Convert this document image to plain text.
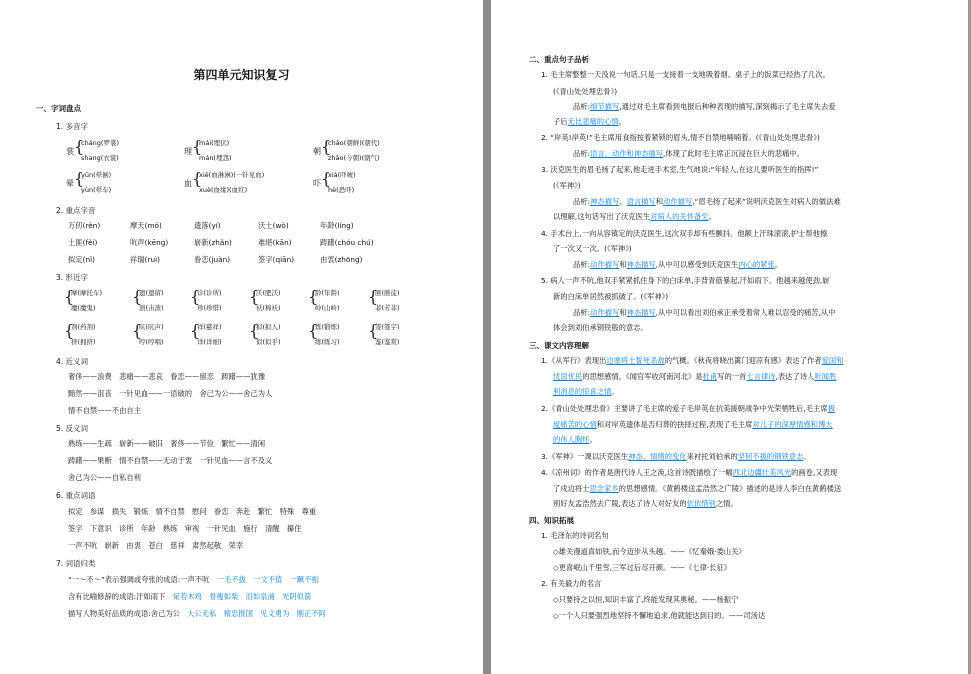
第四单元知识复习
一、字词盘点
1. 多音字
裳 {
cháng(罗裳)
shang(衣裳)
理 {
mái(埋伏)
mán(埋怨)
朝 {
cháo(朝鲜)(朝代)
zhāo(今朝)(朝气)
晕 {
yūn(晕倒)
yùn(晕车)
血 {
xiě(血淋淋)(一针见血)
xuè(血缘)(血红)
吓 {
xià(吓唬)
hè(恐吓)
2. 重点字音
万仞(rèn)	摩天(mó)	遗落(yí)	沃土(wò)	年龄(líng)
土匪(fěi)	吭声(kēng)	崭新(zhǎn)	难堪(kān)	踌躇(chóu chú)
拟定(nǐ)	祥瑞(ruì)	眷恋(juàn)	签字(qiān)	由衷(zhōng)
3. 形近字
{
摩(摩托车)
魔(魔鬼)
{
遗(遗留)
溃(击溃)
{
诊(诊所)
珍(珍惜)
{
沃(肥沃)
袄(棉袄)
{
龄(年龄)
岭(山岭)
{
匪(匪徒)
菲(芳菲)
{
剂(药剂)
挤(拥挤)
{
吭(吭声)
哼(哼唱)
{
祥(慈祥)
详(详细)
{
拟(拟人)
似(似乎)
{
炼(锻炼)
练(练习)
{
签(签字)
鉴(鉴赏)
4. 近义词
奢侈——浪费　悲痛——悲哀　眷恋——留恋　踌躇——犹豫
黯然——沮丧　一针见血——一语破的　舍己为公——舍己为人
情不自禁——不由自主
5. 反义词
熟练——生疏　崭新——破旧　奢侈——节俭　繁忙——清闲
踌躇——果断　情不自禁——无动于衷　一针见血——言不及义
舍己为公——自私自利
6. 重点词语
拟定　参谋　损失　锻炼　情不自禁　慰问　眷恋　奔赴　繁忙　特殊　尊重
签字　下意识　诊所　年龄　熟练　审视　一针见血　施行　清醒　攥住
一声不吭　崭新　由衷　苍白　慈祥　肃然起敬　荣幸
7. 词语归类
“一～不～”表示强调或夸张的成语:一声不吭　 一毛不拔　一文不值　一蹶不振
含有比喻修辞的成语:汗如雨下　 呆若木鸡　骨瘦如柴　泪如泉涌　光阴似箭
描写人物美好品质的成语:舍己为公　 大公无私　精忠报国　见义勇为　刚正不阿
二、重点句子品析
1. 毛主席整整一天没说一句话,只是一支接着一支地吸着烟。桌子上的饭菜已经热了几次。
(《青山处处埋忠骨》)
品析:细节描写,通过对毛主席看到电报后种种表现的描写,深刻揭示了毛主席失去爱
子后无比悲痛的心情。
2. “岸英!岸英!”毛主席用食指按着紧锁的眉头,情不自禁地喃喃着。(《青山处处埋忠骨》)
品析:语言、动作和神态描写,体现了此时毛主席正沉浸在巨大的悲痛中。
3. 沃克医生的眉毛扬了起来,他走进手术室,生气地说:“年轻人,在这儿要听医生的指挥!”
(《军神》)
品析:神态描写、语言描写和动作描写,“眉毛扬了起来”说明沃克医生对病人的做法难
以理解,这句话写出了沃克医生对病人的关怀备至。
4. 手术台上,一向从容镇定的沃克医生,这次双手却有些颤抖。他额上汗珠滚滚,护士帮他擦
了一次又一次。(《军神》)
品析:动作描写和神态描写,从中可以感受到沃克医生内心的紧张。
5. 病人一声不吭,他双手紧紧抓住身下的白床单,手背青筋暴起,汗如雨下。他越来越使劲,崭
新的白床单居然被抓破了。(《军神》)
品析:动作描写和神态描写,从中可以看出刘伯承正承受着常人难以忍受的痛苦,从中
体会到刘伯承钢铁般的意志。
三、课文内容理解
1.《从军行》表现出边塞将士誓死杀敌的气概。《秋夜将晓出篱门迎凉有感》表达了作者爱国和
忧国忧民的思想感情。《闻官军收河南河北》是杜甫写的一首七言律诗,表达了诗人听闻胜
利消息的惊喜之情。
2.《青山处处埋忠骨》主要讲了毛主席的爱子毛岸英在抗美援朝战争中光荣牺牲后,毛主席极
度痛苦的心情和对岸英遗体是否归葬的抉择过程,表现了毛主席对儿子的深厚情感和博大
的伟人胸怀。
3.《军神》一课以沃克医生神态、情绪的变化来衬托刘伯承的坚韧不拔的钢铁意志。
4.《凉州词》的作者是唐代诗人王之涣,这首诗既描绘了一幅西北边疆壮美风光的画卷,又表现
了戍边将士思念家乡的思想感情。《黄鹤楼送孟浩然之广陵》描述的是诗人李白在黄鹤楼送
别好友孟浩然去广陵,表达了诗人对好友的依依惜别之情。
四、知识拓展
1. 毛泽东的诗词名句
◇雄关漫道真如铁,而今迈步从头越。——《忆秦娥·娄山关》
◇更喜岷山千里雪,三军过后尽开颜。——《七律·长征》
2. 有关毅力的名言
◇只要持之以恒,知识丰富了,终能发现其奥秘。——杨振宁
◇一个人只要强烈地坚持不懈地追求,他就能达到目的。——司汤达
